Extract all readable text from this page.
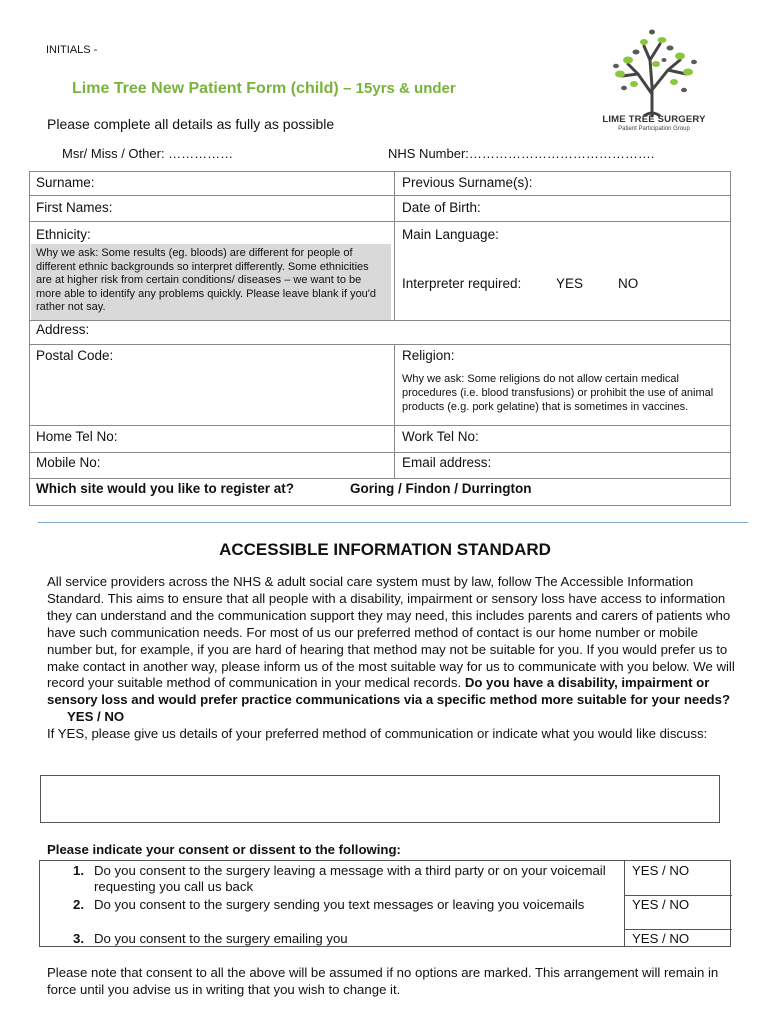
INITIALS -
Lime Tree New Patient Form (child) – 15yrs & under
Please complete all details as fully as possible
Msr/ Miss / Other: ……………	NHS Number:…………………………………….
LIME TREE SURGERY
Patient Participation Group
Surname:	Previous Surname(s):
First Names:	Date of Birth:
Ethnicity:
Why we ask: Some results (eg. bloods) are different for people of different ethnic backgrounds so interpret differently. Some ethnicities are at higher risk from certain conditions/ diseases – we want to be more able to identify any problems quickly. Please leave blank if you'd rather not say.
Main Language:
Interpreter required:	YES	NO
Address:
Postal Code:	Religion:
Why we ask: Some religions do not allow certain medical procedures (i.e. blood transfusions) or prohibit the use of animal products (e.g. pork gelatine) that is sometimes in vaccines.
Home Tel No:	Work Tel No:
Mobile No:	Email address:
Which site would you like to register at?	Goring / Findon / Durrington
ACCESSIBLE INFORMATION STANDARD
All service providers across the NHS & adult social care system must by law, follow The Accessible Information Standard. This aims to ensure that all people with a disability, impairment or sensory loss have access to information they can understand and the communication support they may need, this includes parents and carers of patients who have such communication needs. For most of us our preferred method of contact is our home number or mobile number but, for example, if you are hard of hearing that method may not be suitable for you. If you would prefer us to make contact in another way, please inform us of the most suitable way for us to communicate with you below. We will record your suitable method of communication in your medical records. Do you have a disability, impairment or sensory loss and would prefer practice communications via a specific method more suitable for your needs? YES / NO
If YES, please give us details of your preferred method of communication or indicate what you would like discuss:
Please indicate your consent or dissent to the following:
1. Do you consent to the surgery leaving a message with a third party or on your voicemail requesting you call us back
YES / NO
2. Do you consent to the surgery sending you text messages or leaving you voicemails	YES / NO
3. Do you consent to the surgery emailing you	YES / NO
Please note that consent to all the above will be assumed if no options are marked. This arrangement will remain in force until you advise us in writing that you wish to change it.
